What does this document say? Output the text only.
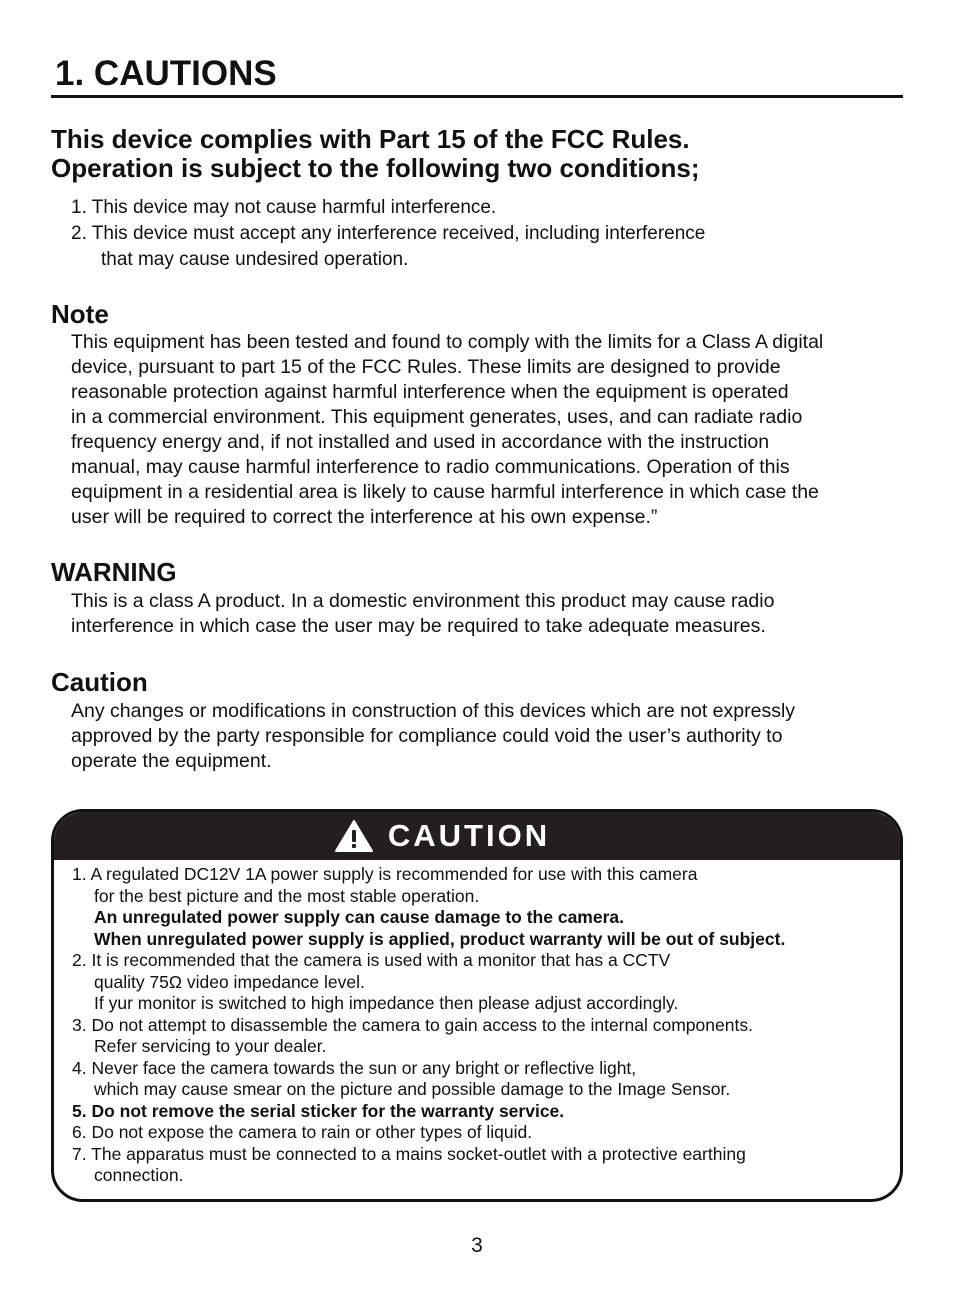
1. CAUTIONS
This device complies with Part 15 of the FCC Rules.
Operation is subject to the following two conditions;
1. This device may not cause harmful interference.
2. This device must accept any interference received, including interference
that may cause undesired operation.
Note
This equipment has been tested and found to comply with the limits for a Class A digital
device, pursuant to part 15 of the FCC Rules. These limits are designed to provide
reasonable protection against harmful interference when the equipment is operated
in a commercial environment. This equipment generates, uses, and can radiate radio
frequency energy and, if not installed and used in accordance with the instruction
manual, may cause harmful interference to radio communications. Operation of this
equipment in a residential area is likely to cause harmful interference in which case the
user will be required to correct the interference at his own expense.”
WARNING
This is a class A product. In a domestic environment this product may cause radio
interference in which case the user may be required to take adequate measures.
Caution
Any changes or modifications in construction of this devices which are not expressly
approved by the party responsible for compliance could void the user’s authority to
operate the equipment.
CAUTION
1. A regulated DC12V 1A power supply is recommended for use with this camera
for the best picture and the most stable operation.
An unregulated power supply can cause damage to the camera.
When unregulated power supply is applied, product warranty will be out of subject.
2. It is recommended that the camera is used with a monitor that has a CCTV
quality 75Ω video impedance level.
If yur monitor is switched to high impedance then please adjust accordingly.
3. Do not attempt to disassemble the camera to gain access to the internal components.
Refer servicing to your dealer.
4. Never face the camera towards the sun or any bright or reflective light,
which may cause smear on the picture and possible damage to the Image Sensor.
5. Do not remove the serial sticker for the warranty service.
6. Do not expose the camera to rain or other types of liquid.
7. The apparatus must be connected to a mains socket-outlet with a protective earthing
connection.
3
